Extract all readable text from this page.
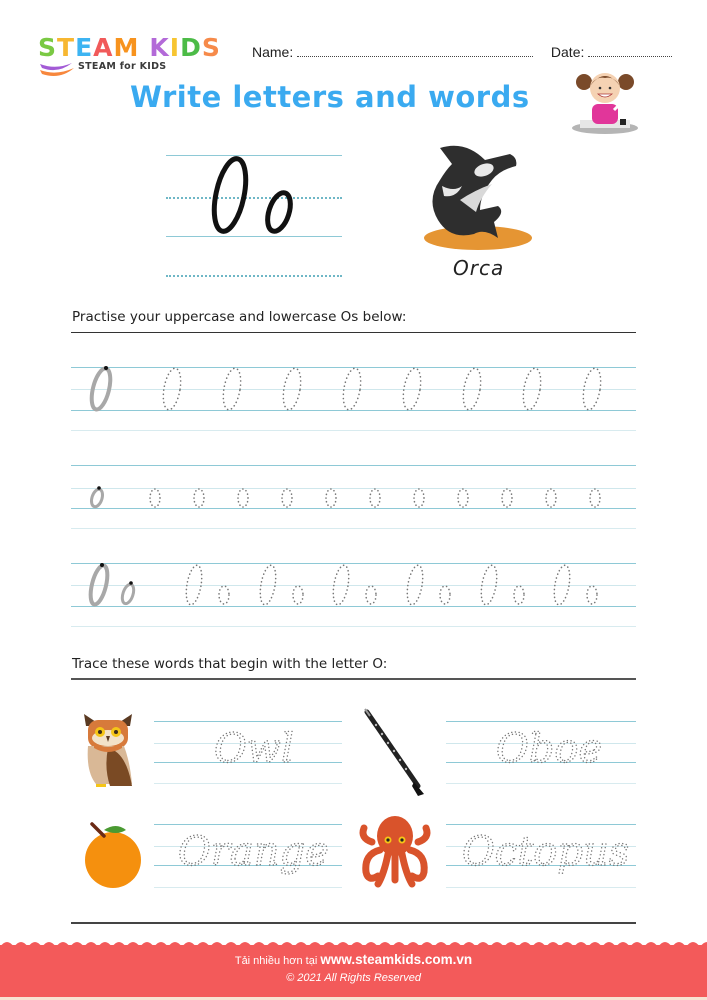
STEAM KIDS
STEAM for KIDS
Name:	Date:
Write letters and words
Orca
Practise your uppercase and lowercase Os below:
Trace these words that begin with the letter O:
Owl	Oboe
Orange	Octopus
Tải nhiều hơn tại www.steamkids.com.vn
© 2021 All Rights Reserved
